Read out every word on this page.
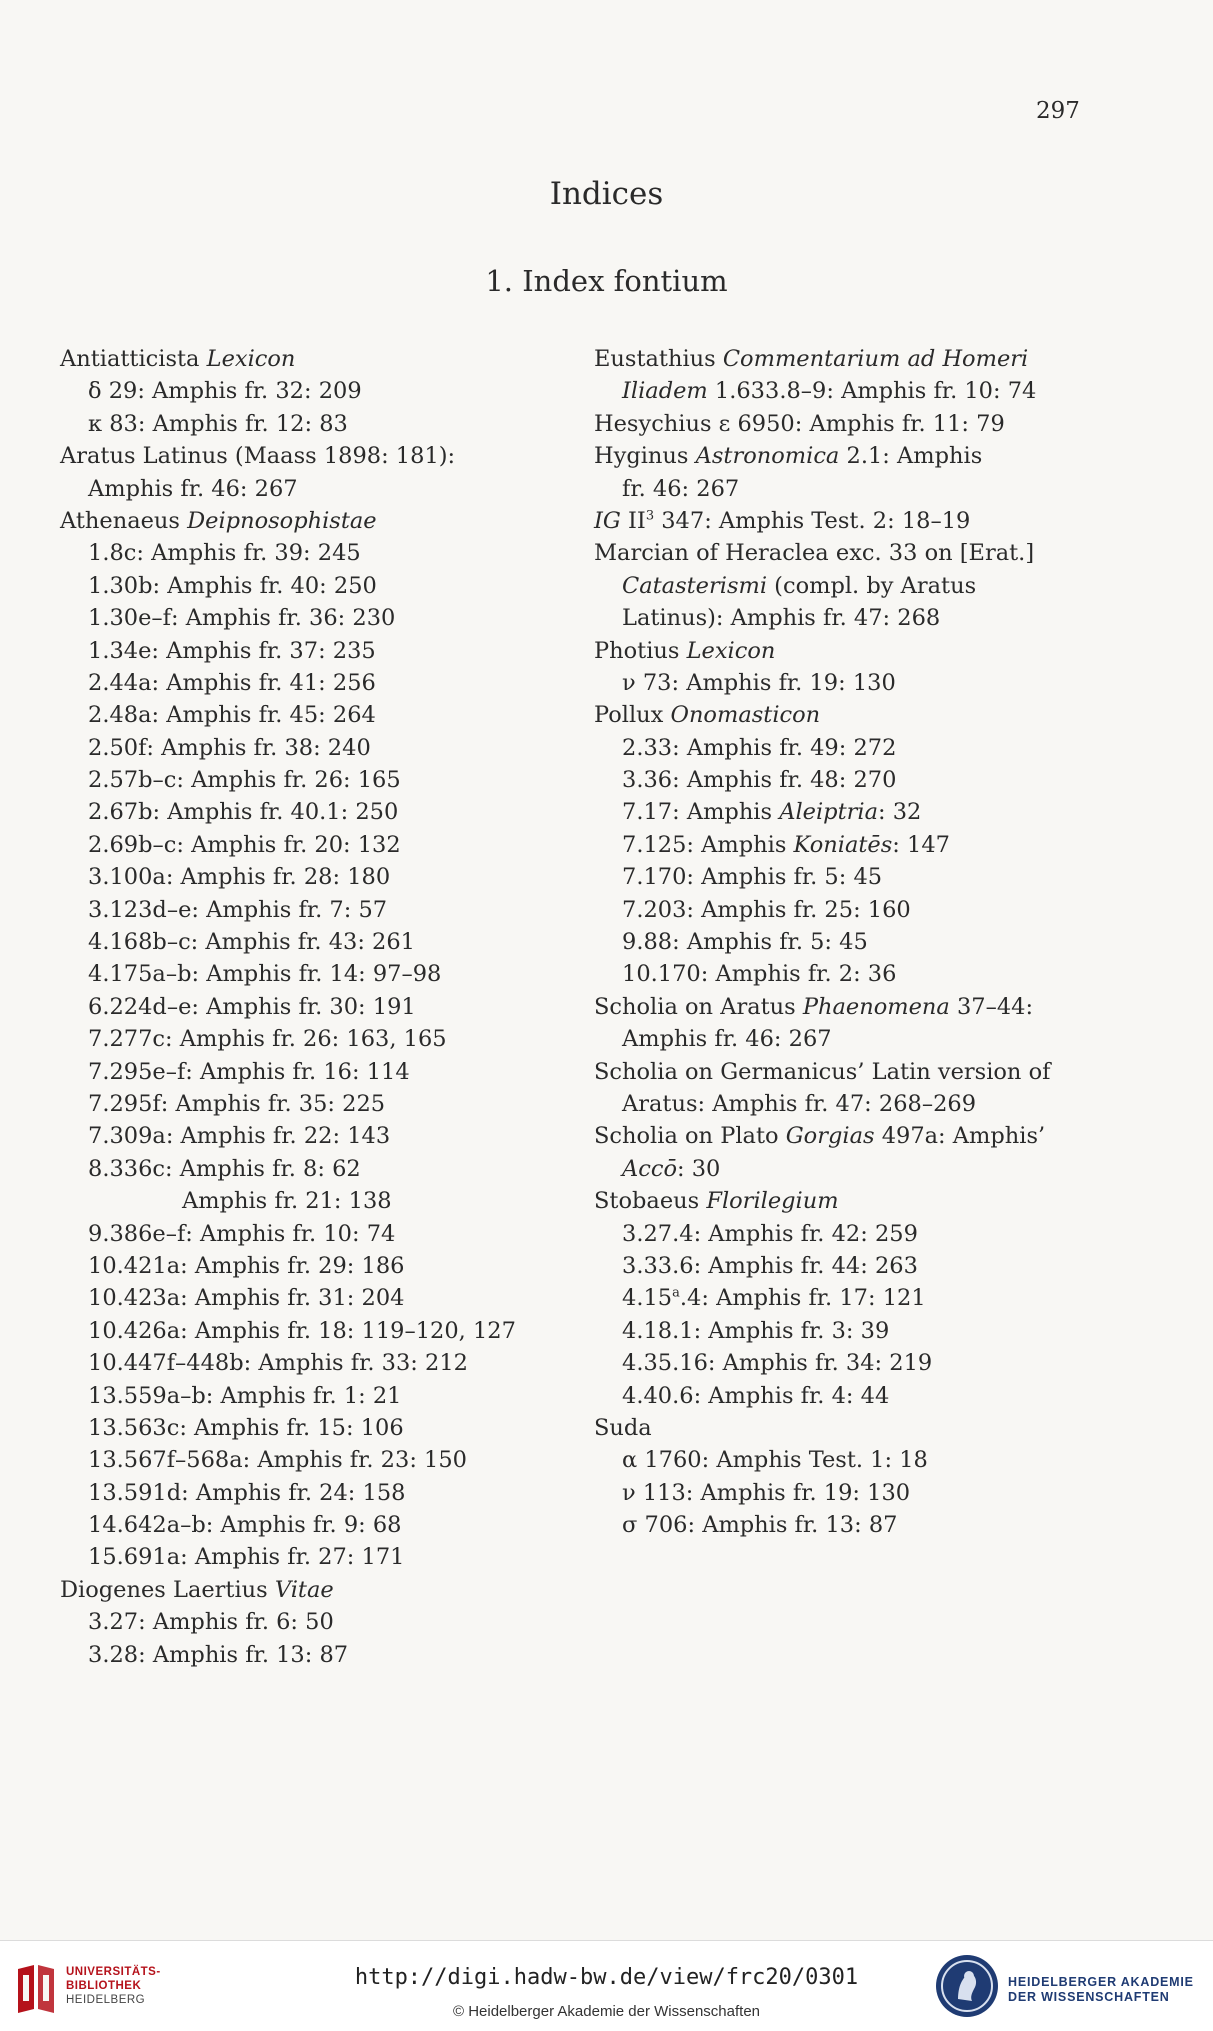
297
Indices
1. Index fontium
Antiatticista Lexicon
δ 29: Amphis fr. 32: 209
κ 83: Amphis fr. 12: 83
Aratus Latinus (Maass 1898: 181):
Amphis fr. 46: 267
Athenaeus Deipnosophistae
1.8c: Amphis fr. 39: 245
1.30b: Amphis fr. 40: 250
1.30e–f: Amphis fr. 36: 230
1.34e: Amphis fr. 37: 235
2.44a: Amphis fr. 41: 256
2.48a: Amphis fr. 45: 264
2.50f: Amphis fr. 38: 240
2.57b–c: Amphis fr. 26: 165
2.67b: Amphis fr. 40.1: 250
2.69b–c: Amphis fr. 20: 132
3.100a: Amphis fr. 28: 180
3.123d–e: Amphis fr. 7: 57
4.168b–c: Amphis fr. 43: 261
4.175a–b: Amphis fr. 14: 97–98
6.224d–e: Amphis fr. 30: 191
7.277c: Amphis fr. 26: 163, 165
7.295e–f: Amphis fr. 16: 114
7.295f: Amphis fr. 35: 225
7.309a: Amphis fr. 22: 143
8.336c: Amphis fr. 8: 62
Amphis fr. 21: 138
9.386e–f: Amphis fr. 10: 74
10.421a: Amphis fr. 29: 186
10.423a: Amphis fr. 31: 204
10.426a: Amphis fr. 18: 119–120, 127
10.447f–448b: Amphis fr. 33: 212
13.559a–b: Amphis fr. 1: 21
13.563c: Amphis fr. 15: 106
13.567f–568a: Amphis fr. 23: 150
13.591d: Amphis fr. 24: 158
14.642a–b: Amphis fr. 9: 68
15.691a: Amphis fr. 27: 171
Diogenes Laertius Vitae
3.27: Amphis fr. 6: 50
3.28: Amphis fr. 13: 87
Eustathius Commentarium ad Homeri
Iliadem 1.633.8–9: Amphis fr. 10: 74
Hesychius ε 6950: Amphis fr. 11: 79
Hyginus Astronomica 2.1: Amphis
fr. 46: 267
IG $II^3$ 347: Amphis Test. 2: 18–19
Marcian of Heraclea exc. 33 on [Erat.]
Catasterismi (compl. by Aratus
Latinus): Amphis fr. 47: 268
Photius Lexicon
ν 73: Amphis fr. 19: 130
Pollux Onomasticon
2.33: Amphis fr. 49: 272
3.36: Amphis fr. 48: 270
7.17: Amphis Aleiptria: 32
7.125: Amphis Koniatēs: 147
7.170: Amphis fr. 5: 45
7.203: Amphis fr. 25: 160
9.88: Amphis fr. 5: 45
10.170: Amphis fr. 2: 36
Scholia on Aratus Phaenomena 37–44:
Amphis fr. 46: 267
Scholia on Germanicus’ Latin version of
Aratus: Amphis fr. 47: 268–269
Scholia on Plato Gorgias 497a: Amphis’
Accō: 30
Stobaeus Florilegium
3.27.4: Amphis fr. 42: 259
3.33.6: Amphis fr. 44: 263
4.15$^a$.4: Amphis fr. 17: 121
4.18.1: Amphis fr. 3: 39
4.35.16: Amphis fr. 34: 219
4.40.6: Amphis fr. 4: 44
Suda
α 1760: Amphis Test. 1: 18
ν 113: Amphis fr. 19: 130
σ 706: Amphis fr. 13: 87
UNIVERSITÄTS-
BIBLIOTHEK
HEIDELBERG
http://digi.hadw-bw.de/view/frc20/0301
© Heidelberger Akademie der Wissenschaften
HEIDELBERGER AKADEMIE
DER WISSENSCHAFTEN
